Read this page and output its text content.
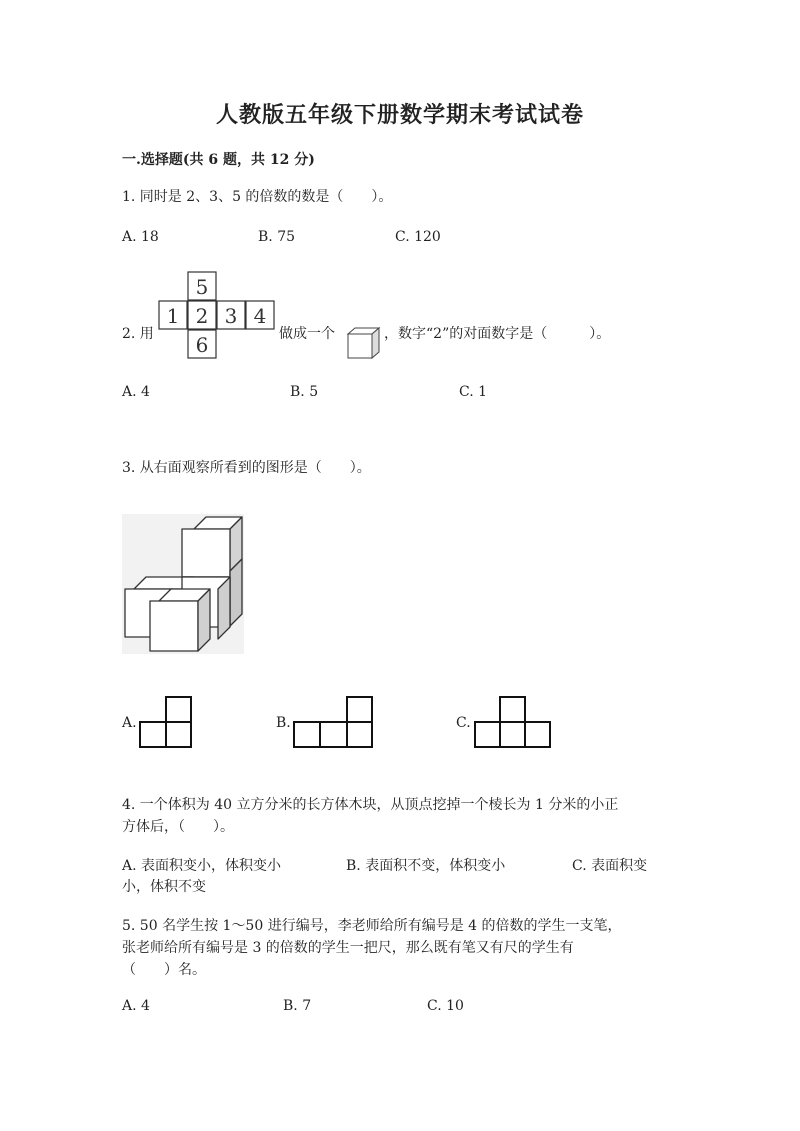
人教版五年级下册数学期末考试试卷
一.选择题(共 6 题，共 12 分)
1. 同时是 2、3、5 的倍数的数是（　　）。
A. 18	B. 75	C. 120
2. 用
5
1 2 3 4
6	做成一个	，数字“2”的对面数字是（　　　）。
A. 4	B. 5	C. 1
3. 从右面观察所看到的图形是（　　）。
A.	B.	C.
4. 一个体积为 40 立方分米的长方体木块，从顶点挖掉一个棱长为 1 分米的小正
方体后，（　　）。
A. 表面积变小，体积变小	B. 表面积不变，体积变小	C. 表面积变
小，体积不变
5. 50 名学生按 1～50 进行编号，李老师给所有编号是 4 的倍数的学生一支笔，
张老师给所有编号是 3 的倍数的学生一把尺，那么既有笔又有尺的学生有
（　　）名。
A. 4	B. 7	C. 10
